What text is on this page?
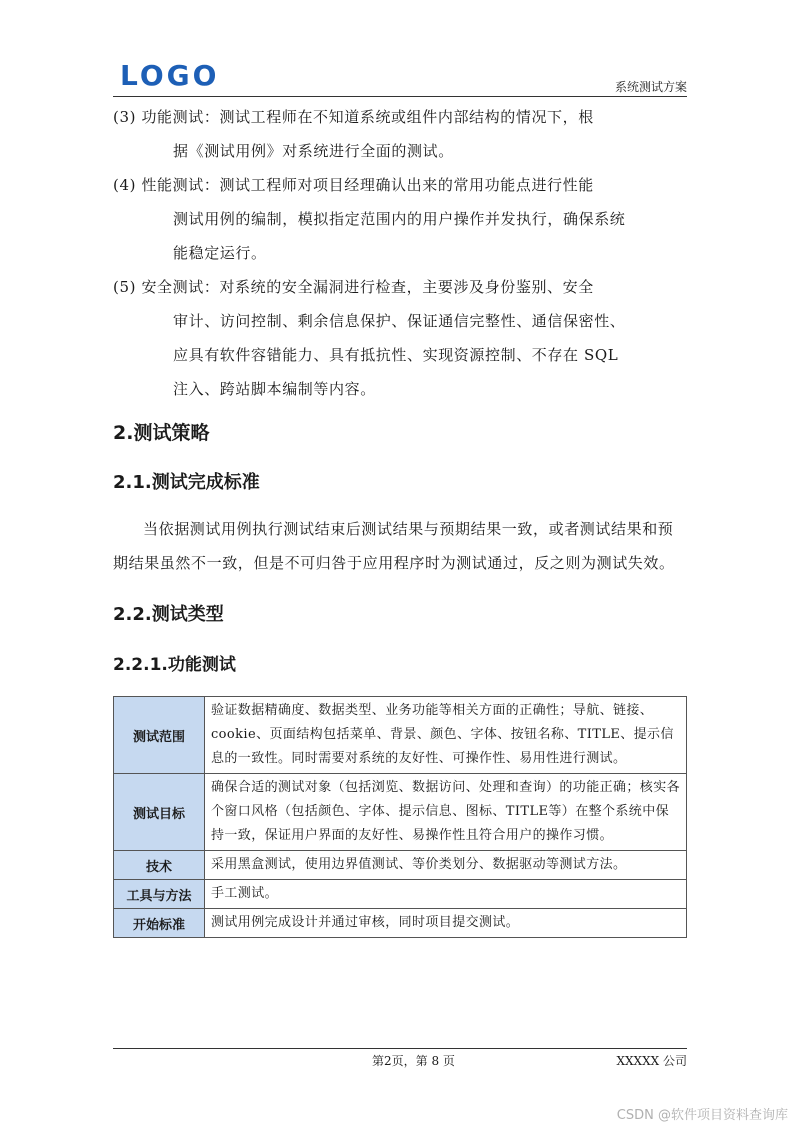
LOGO	系统测试方案
(3) 功能测试：测试工程师在不知道系统或组件内部结构的情况下，根
据《测试用例》对系统进行全面的测试。
(4) 性能测试：测试工程师对项目经理确认出来的常用功能点进行性能
测试用例的编制，模拟指定范围内的用户操作并发执行，确保系统
能稳定运行。
(5) 安全测试：对系统的安全漏洞进行检查，主要涉及身份鉴别、安全
审计、访问控制、剩余信息保护、保证通信完整性、通信保密性、
应具有软件容错能力、具有抵抗性、实现资源控制、不存在 SQL
注入、跨站脚本编制等内容。
2.测试策略
2.1.测试完成标准
当依据测试用例执行测试结束后测试结果与预期结果一致，或者测试结果和预期结果虽然不一致，但是不可归咎于应用程序时为测试通过，反之则为测试失效。
2.2.测试类型
2.2.1.功能测试
测试范围	验证数据精确度、数据类型、业务功能等相关方面的正确性；导航、链接、cookie、页面结构包括菜单、背景、颜色、字体、按钮名称、TITLE、提示信息的一致性。同时需要对系统的友好性、可操作性、易用性进行测试。
测试目标	确保合适的测试对象（包括浏览、数据访问、处理和查询）的功能正确；核实各个窗口风格（包括颜色、字体、提示信息、图标、TITLE等）在整个系统中保持一致，保证用户界面的友好性、易操作性且符合用户的操作习惯。
技术	采用黑盒测试，使用边界值测试、等价类划分、数据驱动等测试方法。
工具与方法	手工测试。
开始标准	测试用例完成设计并通过审核，同时项目提交测试。
第2页，第 8 页	XXXXX 公司
CSDN @软件项目资料查询库
